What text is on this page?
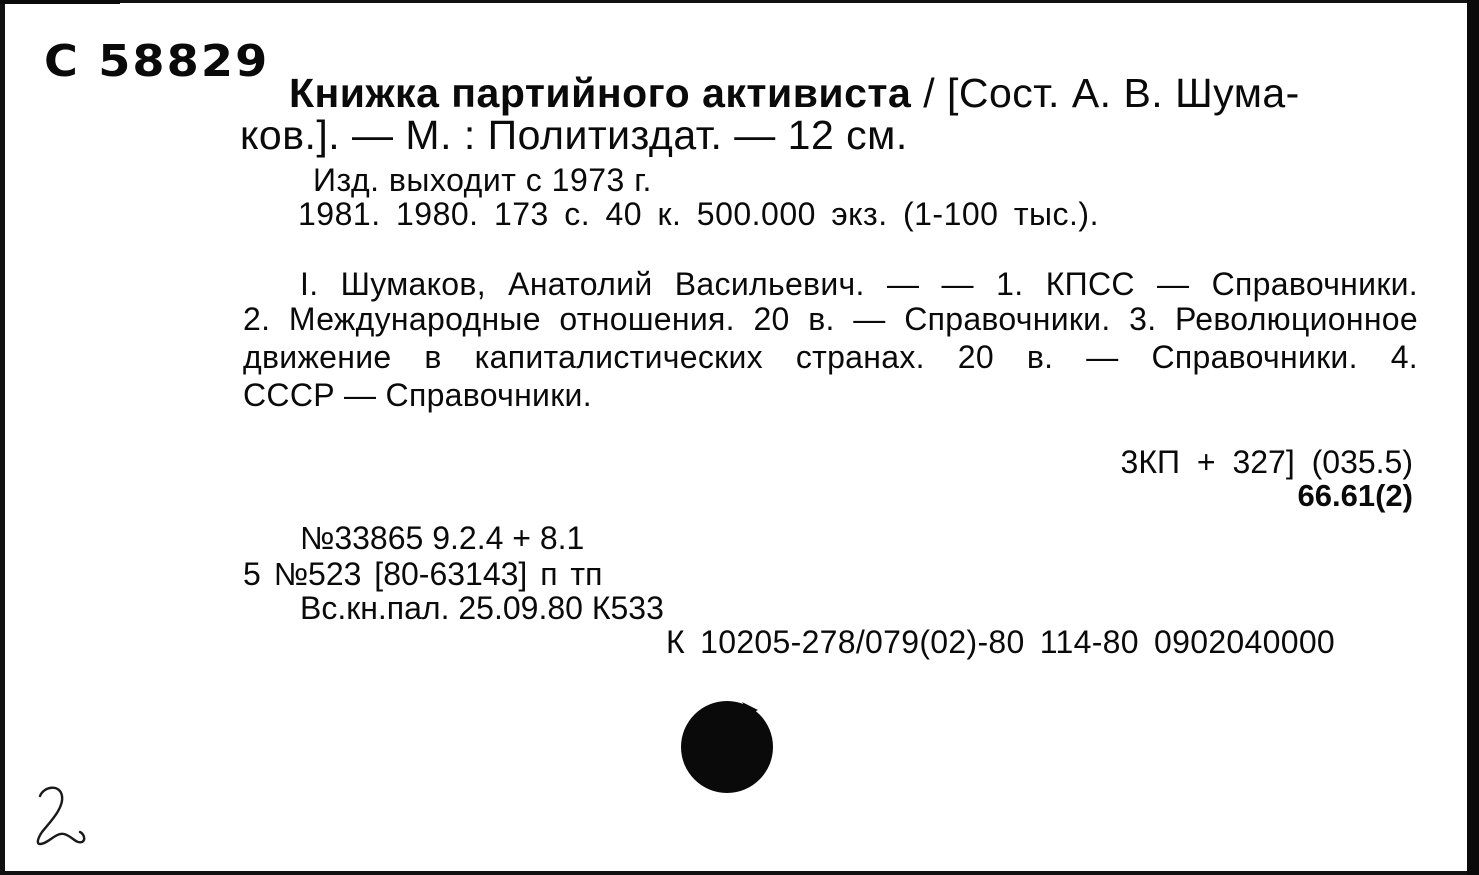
С 58829
Книжка партийного активиста / [Сост. А. В. Шума-
ков.]. — М. : Политиздат. — 12 см.
Изд. выходит с 1973 г.
1981. 1980. 173 с. 40 к. 500.000 экз. (1-100 тыс.).
I. Шумаков, Анатолий Васильевич. — — 1. КПСС — Справочники.
2. Международные отношения. 20 в. — Справочники. 3. Революционное
движение в капиталистических странах. 20 в. — Справочники. 4.
СССР — Справочники.
3КП + 327] (035.5)
66.61(2)
№33865 9.2.4 + 8.1
5 №523 [80-63143] п тп
Вс.кн.пал. 25.09.80 К533
К 10205-278/079(02)-80 114-80 0902040000
